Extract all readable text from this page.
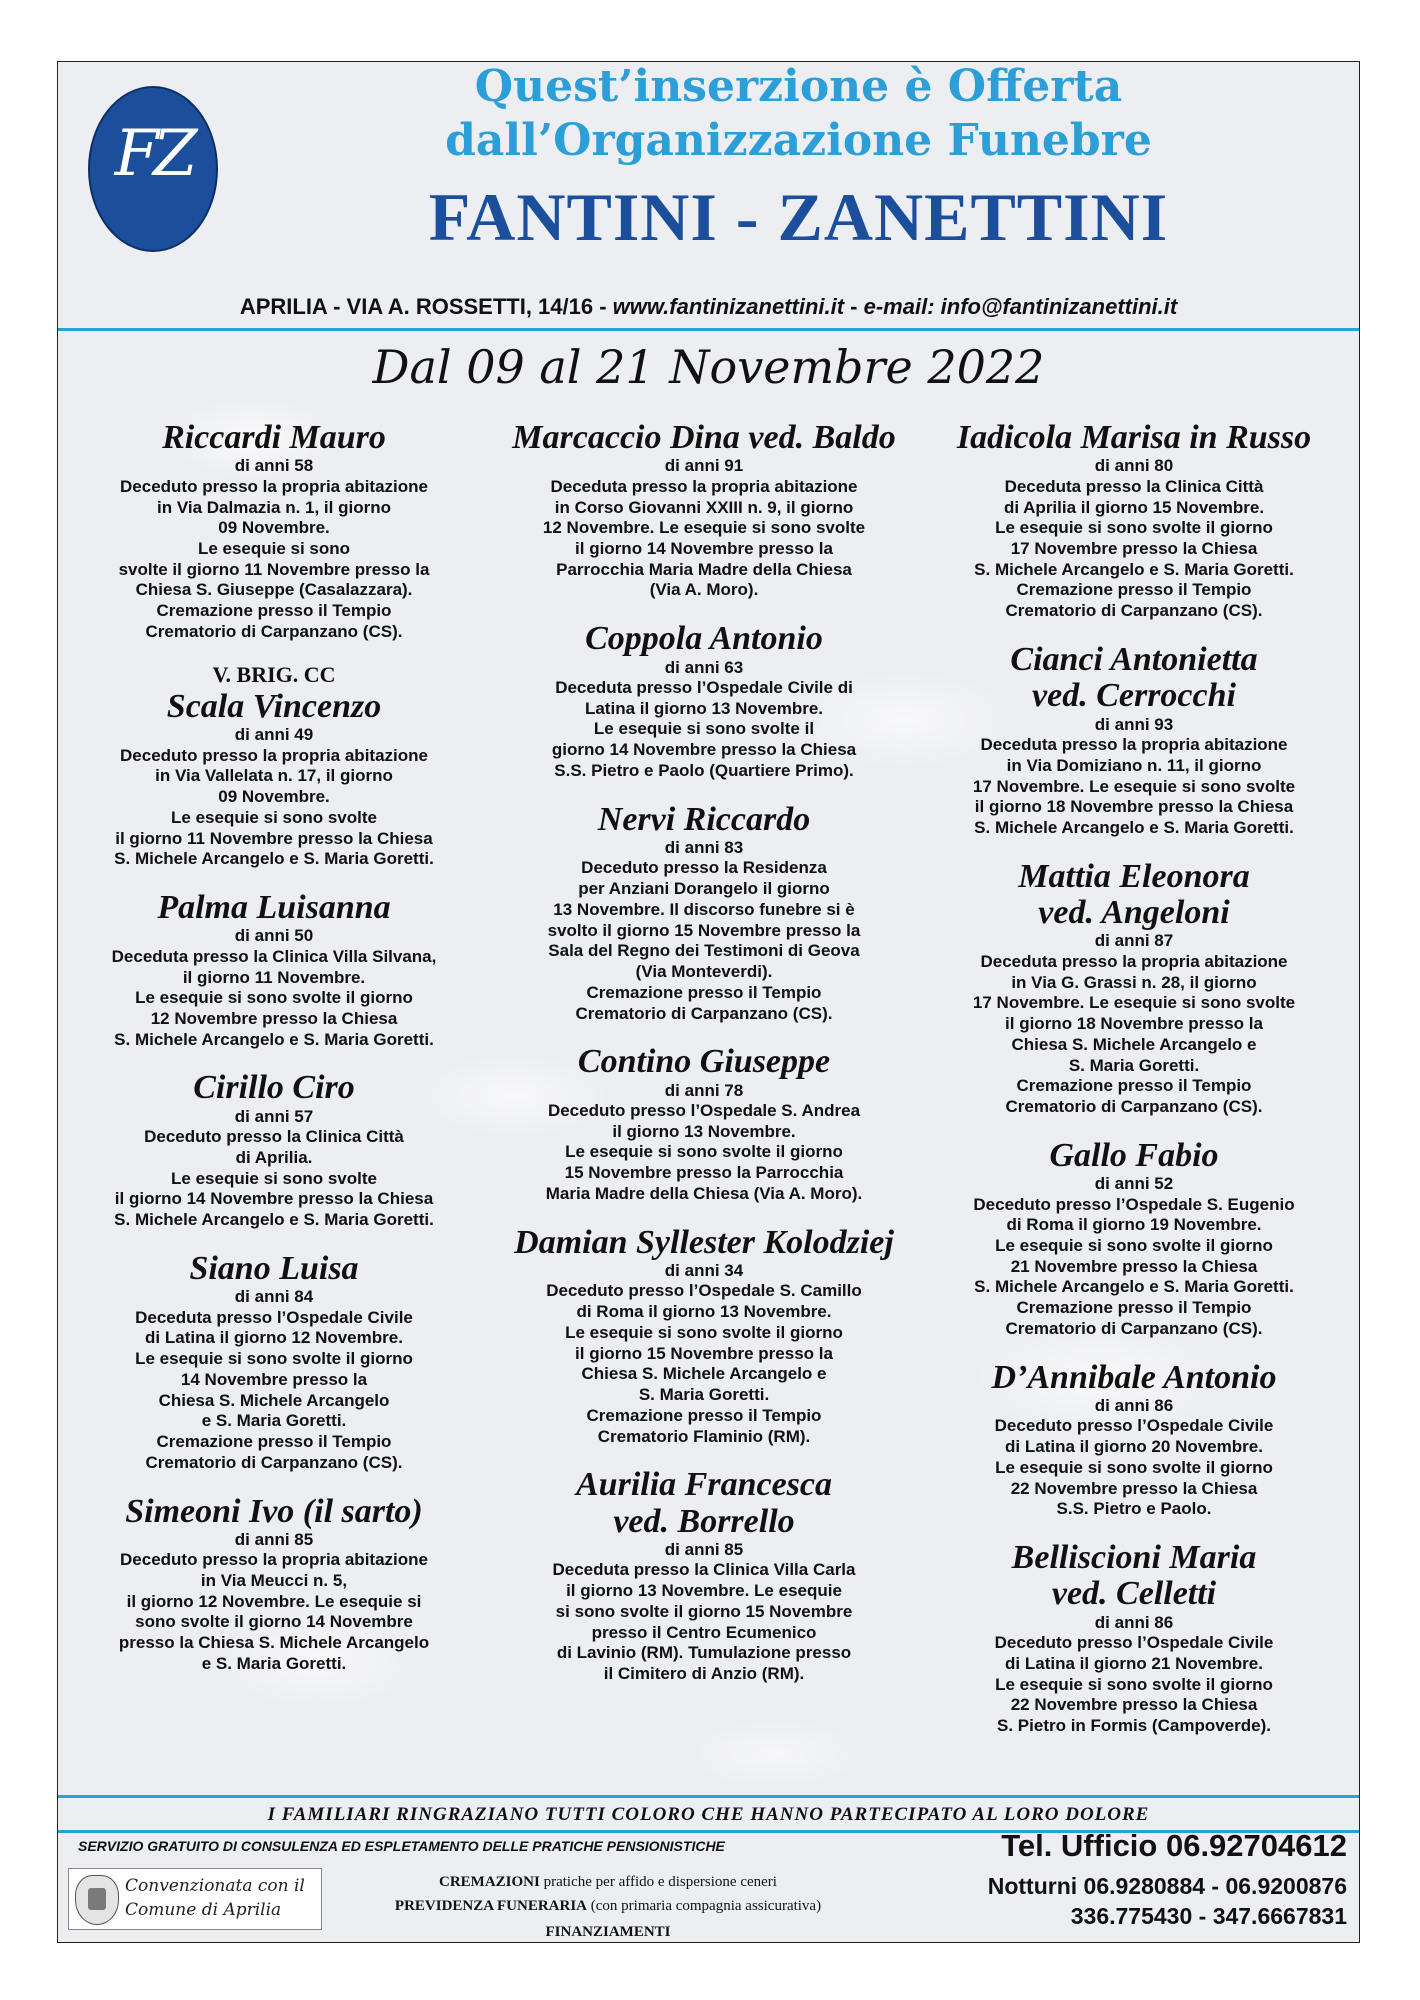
FZ
Quest’inserzione è Offerta
dall’Organizzazione Funebre
FANTINI - ZANETTINI
APRILIA - VIA A. ROSSETTI, 14/16 - www.fantinizanettini.it - e-mail: info@fantinizanettini.it
Dal 09 al 21 Novembre 2022
Riccardi Mauro
di anni 58
Deceduto presso la propria abitazione
in Via Dalmazia n. 1, il giorno
09 Novembre.
Le esequie si sono
svolte il giorno 11 Novembre presso la
Chiesa S. Giuseppe (Casalazzara).
Cremazione presso il Tempio
Crematorio di Carpanzano (CS).
V. BRIG. CC
Scala Vincenzo
di anni 49
Deceduto presso la propria abitazione
in Via Vallelata n. 17, il giorno
09 Novembre.
Le esequie si sono svolte
il giorno 11 Novembre presso la Chiesa
S. Michele Arcangelo e S. Maria Goretti.
Palma Luisanna
di anni 50
Deceduta presso la Clinica Villa Silvana,
il giorno 11 Novembre.
Le esequie si sono svolte il giorno
12 Novembre presso la Chiesa
S. Michele Arcangelo e S. Maria Goretti.
Cirillo Ciro
di anni 57
Deceduto presso la Clinica Città
di Aprilia.
Le esequie si sono svolte
il giorno 14 Novembre presso la Chiesa
S. Michele Arcangelo e S. Maria Goretti.
Siano Luisa
di anni 84
Deceduta presso l’Ospedale Civile
di Latina il giorno 12 Novembre.
Le esequie si sono svolte il giorno
14 Novembre presso la
Chiesa S. Michele Arcangelo
e S. Maria Goretti.
Cremazione presso il Tempio
Crematorio di Carpanzano (CS).
Simeoni Ivo (il sarto)
di anni 85
Deceduto presso la propria abitazione
in Via Meucci n. 5,
il giorno 12 Novembre. Le esequie si
sono svolte il giorno 14 Novembre
presso la Chiesa S. Michele Arcangelo
e S. Maria Goretti.
Marcaccio Dina ved. Baldo
di anni 91
Deceduta presso la propria abitazione
in Corso Giovanni XXIII n. 9, il giorno
12 Novembre. Le esequie si sono svolte
il giorno 14 Novembre presso la
Parrocchia Maria Madre della Chiesa
(Via A. Moro).
Coppola Antonio
di anni 63
Deceduta presso l’Ospedale Civile di
Latina il giorno 13 Novembre.
Le esequie si sono svolte il
giorno 14 Novembre presso la Chiesa
S.S. Pietro e Paolo (Quartiere Primo).
Nervi Riccardo
di anni 83
Deceduto presso la Residenza
per Anziani Dorangelo il giorno
13 Novembre. Il discorso funebre si è
svolto il giorno 15 Novembre presso la
Sala del Regno dei Testimoni di Geova
(Via Monteverdi).
Cremazione presso il Tempio
Crematorio di Carpanzano (CS).
Contino Giuseppe
di anni 78
Deceduto presso l’Ospedale S. Andrea
il giorno 13 Novembre.
Le esequie si sono svolte il giorno
15 Novembre presso la Parrocchia
Maria Madre della Chiesa (Via A. Moro).
Damian Syllester Kolodziej
di anni 34
Deceduto presso l’Ospedale S. Camillo
di Roma il giorno 13 Novembre.
Le esequie si sono svolte il giorno
il giorno 15 Novembre presso la
Chiesa S. Michele Arcangelo e
S. Maria Goretti.
Cremazione presso il Tempio
Crematorio Flaminio (RM).
Aurilia Francesca
ved. Borrello
di anni 85
Deceduta presso la Clinica Villa Carla
il giorno 13 Novembre. Le esequie
si sono svolte il giorno 15 Novembre
presso il Centro Ecumenico
di Lavinio (RM). Tumulazione presso
il Cimitero di Anzio (RM).
Iadicola Marisa in Russo
di anni 80
Deceduta presso la Clinica Città
di Aprilia il giorno 15 Novembre.
Le esequie si sono svolte il giorno
17 Novembre presso la Chiesa
S. Michele Arcangelo e S. Maria Goretti.
Cremazione presso il Tempio
Crematorio di Carpanzano (CS).
Cianci Antonietta
ved. Cerrocchi
di anni 93
Deceduta presso la propria abitazione
in Via Domiziano n. 11, il giorno
17 Novembre. Le esequie si sono svolte
il giorno 18 Novembre presso la Chiesa
S. Michele Arcangelo e S. Maria Goretti.
Mattia Eleonora
ved. Angeloni
di anni 87
Deceduta presso la propria abitazione
in Via G. Grassi n. 28, il giorno
17 Novembre. Le esequie si sono svolte
il giorno 18 Novembre presso la
Chiesa S. Michele Arcangelo e
S. Maria Goretti.
Cremazione presso il Tempio
Crematorio di Carpanzano (CS).
Gallo Fabio
di anni 52
Deceduto presso l’Ospedale S. Eugenio
di Roma il giorno 19 Novembre.
Le esequie si sono svolte il giorno
21 Novembre presso la Chiesa
S. Michele Arcangelo e S. Maria Goretti.
Cremazione presso il Tempio
Crematorio di Carpanzano (CS).
D’Annibale Antonio
di anni 86
Deceduto presso l’Ospedale Civile
di Latina il giorno 20 Novembre.
Le esequie si sono svolte il giorno
22 Novembre presso la Chiesa
S.S. Pietro e Paolo.
Belliscioni Maria
ved. Celletti
di anni 86
Deceduto presso l’Ospedale Civile
di Latina il giorno 21 Novembre.
Le esequie si sono svolte il giorno
22 Novembre presso la Chiesa
S. Pietro in Formis (Campoverde).
I FAMILIARI RINGRAZIANO TUTTI COLORO CHE HANNO PARTECIPATO AL LORO DOLORE
SERVIZIO GRATUITO DI CONSULENZA ED ESPLETAMENTO DELLE PRATICHE PENSIONISTICHE	Tel. Ufficio 06.92704612
Notturni 06.9280884 - 06.9200876
336.775430 - 347.6667831
Convenzionata con il
Comune di Aprilia
CREMAZIONI pratiche per affido e dispersione ceneri
PREVIDENZA FUNERARIA (con primaria compagnia assicurativa)
FINANZIAMENTI
